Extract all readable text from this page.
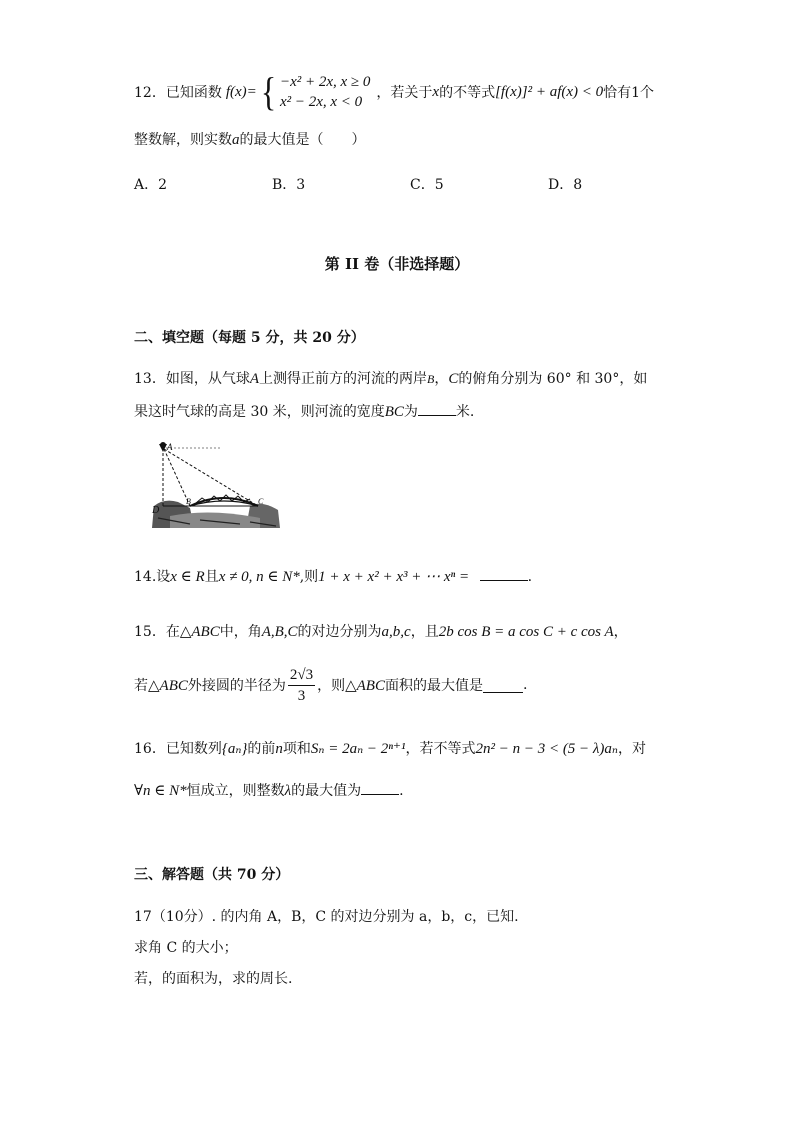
12．已知函数 f(x)= { −x² + 2x, x ≥ 0
x² − 2x, x < 0
，若关于 x 的不等式 [f(x)]² + af(x) < 0 恰有1个
整数解，则实数a的最大值是（　　）
A．2	B．3	C．5	D．8
第 II 卷（非选择题）
二、填空题（每题 5 分，共 20 分）
13．如图，从气球A上测得正前方的河流的两岸B，C的俯角分别为 60° 和 30°，如
果这时气球的高是 30 米，则河流的宽度BC为	米.
A
D
B	C
14.设x ∈ R且x ≠ 0, n ∈ N*,则1 + x + x² + x³ + ⋯ xⁿ =	.
15．在△ABC中，角A,B,C的对边分别为a,b,c，且2b cos B = a cos C + c cos A，
若 △ABC 外接圆的半径为 $\frac{2√3}{3}$ ，则 △ABC 面积的最大值是	.
16．已知数列{aₙ}的前n项和Sₙ = 2aₙ − 2ⁿ⁺¹，若不等式2n² − n − 3 < (5 − λ)aₙ，对
∀n ∈ N*恒成立，则整数λ的最大值为	.
三、解答题（共 70 分）
17（10分）. 的内角 A，B，C 的对边分别为 a，b，c，已知.
求角 C 的大小；
若，的面积为，求的周长.
